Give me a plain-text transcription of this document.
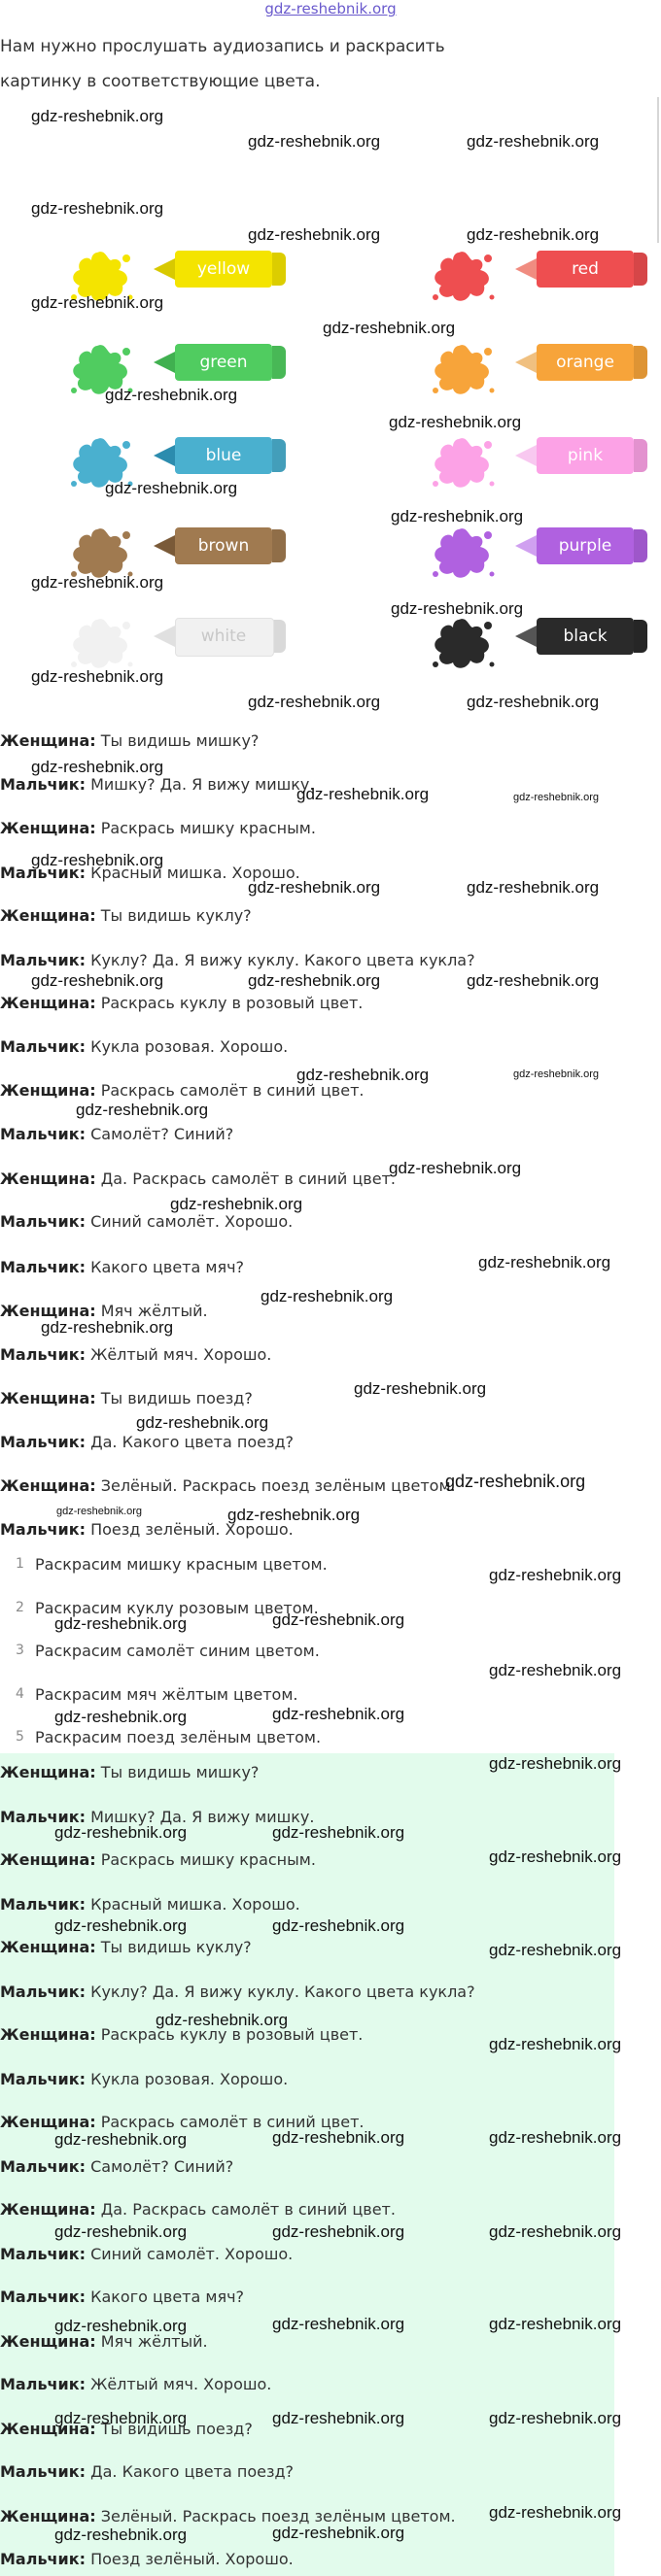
gdz-reshebnik.org
Нам нужно прослушать аудиозапись и раскрасить картинку в соответствующие цвета.
yellow	red
green	orange
blue	pink
brown	purple
white	black
Женщина: Ты видишь мишку?
Мальчик: Мишку? Да. Я вижу мишку.
Женщина: Раскрась мишку красным.
Мальчик: Красный мишка. Хорошо.
Женщина: Ты видишь куклу?
Мальчик: Куклу? Да. Я вижу куклу. Какого цвета кукла?
Женщина: Раскрась куклу в розовый цвет.
Мальчик: Кукла розовая. Хорошо.
Женщина: Раскрась самолёт в синий цвет.
Мальчик: Самолёт? Синий?
Женщина: Да. Раскрась самолёт в синий цвет.
Мальчик: Синий самолёт. Хорошо.
Мальчик: Какого цвета мяч?
Женщина: Мяч жёлтый.
Мальчик: Жёлтый мяч. Хорошо.
Женщина: Ты видишь поезд?
Мальчик: Да. Какого цвета поезд?
Женщина: Зелёный. Раскрась поезд зелёным цветом.
Мальчик: Поезд зелёный. Хорошо.
1 Раскрасим мишку красным цветом.
2 Раскрасим куклу розовым цветом.
3 Раскрасим самолёт синим цветом.
4 Раскрасим мяч жёлтым цветом.
5 Раскрасим поезд зелёным цветом.
Женщина: Ты видишь мишку?
Мальчик: Мишку? Да. Я вижу мишку.
Женщина: Раскрась мишку красным.
Мальчик: Красный мишка. Хорошо.
Женщина: Ты видишь куклу?
Мальчик: Куклу? Да. Я вижу куклу. Какого цвета кукла?
Женщина: Раскрась куклу в розовый цвет.
Мальчик: Кукла розовая. Хорошо.
Женщина: Раскрась самолёт в синий цвет.
Мальчик: Самолёт? Синий?
Женщина: Да. Раскрась самолёт в синий цвет.
Мальчик: Синий самолёт. Хорошо.
Мальчик: Какого цвета мяч?
Женщина: Мяч жёлтый.
Мальчик: Жёлтый мяч. Хорошо.
Женщина: Ты видишь поезд?
Мальчик: Да. Какого цвета поезд?
Женщина: Зелёный. Раскрась поезд зелёным цветом.
Мальчик: Поезд зелёный. Хорошо.
gdz-reshebnik.org
gdz-reshebnik.org	gdz-reshebnik.org
gdz-reshebnik.org
gdz-reshebnik.org	gdz-reshebnik.org
gdz-reshebnik.org
gdz-reshebnik.org
gdz-reshebnik.org
gdz-reshebnik.org
gdz-reshebnik.org
gdz-reshebnik.org
gdz-reshebnik.org
gdz-reshebnik.org
gdz-reshebnik.org
gdz-reshebnik.org	gdz-reshebnik.org
gdz-reshebnik.org
gdz-reshebnik.org	gdz-reshebnik.org
gdz-reshebnik.org
gdz-reshebnik.org	gdz-reshebnik.org
gdz-reshebnik.org	gdz-reshebnik.org	gdz-reshebnik.org
gdz-reshebnik.org	gdz-reshebnik.org
gdz-reshebnik.org
gdz-reshebnik.org
gdz-reshebnik.org
gdz-reshebnik.org
gdz-reshebnik.org
gdz-reshebnik.org
gdz-reshebnik.org
gdz-reshebnik.org
gdz-reshebnik.org
gdz-reshebnik.org	gdz-reshebnik.org
gdz-reshebnik.org
gdz-reshebnik.org	gdz-reshebnik.org
gdz-reshebnik.org
gdz-reshebnik.org	gdz-reshebnik.org
gdz-reshebnik.org
gdz-reshebnik.org	gdz-reshebnik.org
gdz-reshebnik.org
gdz-reshebnik.org	gdz-reshebnik.org
gdz-reshebnik.org
gdz-reshebnik.org
gdz-reshebnik.org
gdz-reshebnik.org	gdz-reshebnik.org	gdz-reshebnik.org
gdz-reshebnik.org	gdz-reshebnik.org	gdz-reshebnik.org
gdz-reshebnik.org	gdz-reshebnik.org	gdz-reshebnik.org
gdz-reshebnik.org	gdz-reshebnik.org	gdz-reshebnik.org
gdz-reshebnik.org	gdz-reshebnik.org
gdz-reshebnik.org
